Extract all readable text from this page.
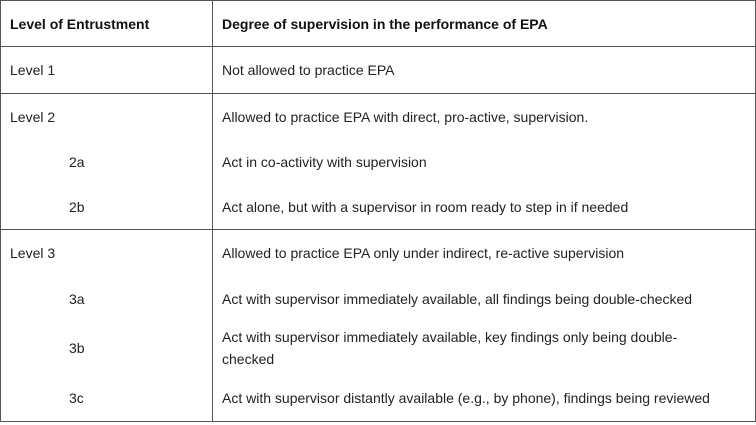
Level of Entrustment	Degree of supervision in the performance of EPA
Level 1	Not allowed to practice EPA
Level 2	Allowed to practice EPA with direct, pro-active, supervision.
2a	Act in co-activity with supervision
2b	Act alone, but with a supervisor in room ready to step in if needed
Level 3	Allowed to practice EPA only under indirect, re-active supervision
3a	Act with supervisor immediately available, all findings being double-checked
3b	Act with supervisor immediately available, key findings only being double-checked
3c	Act with supervisor distantly available (e.g., by phone), findings being reviewed
